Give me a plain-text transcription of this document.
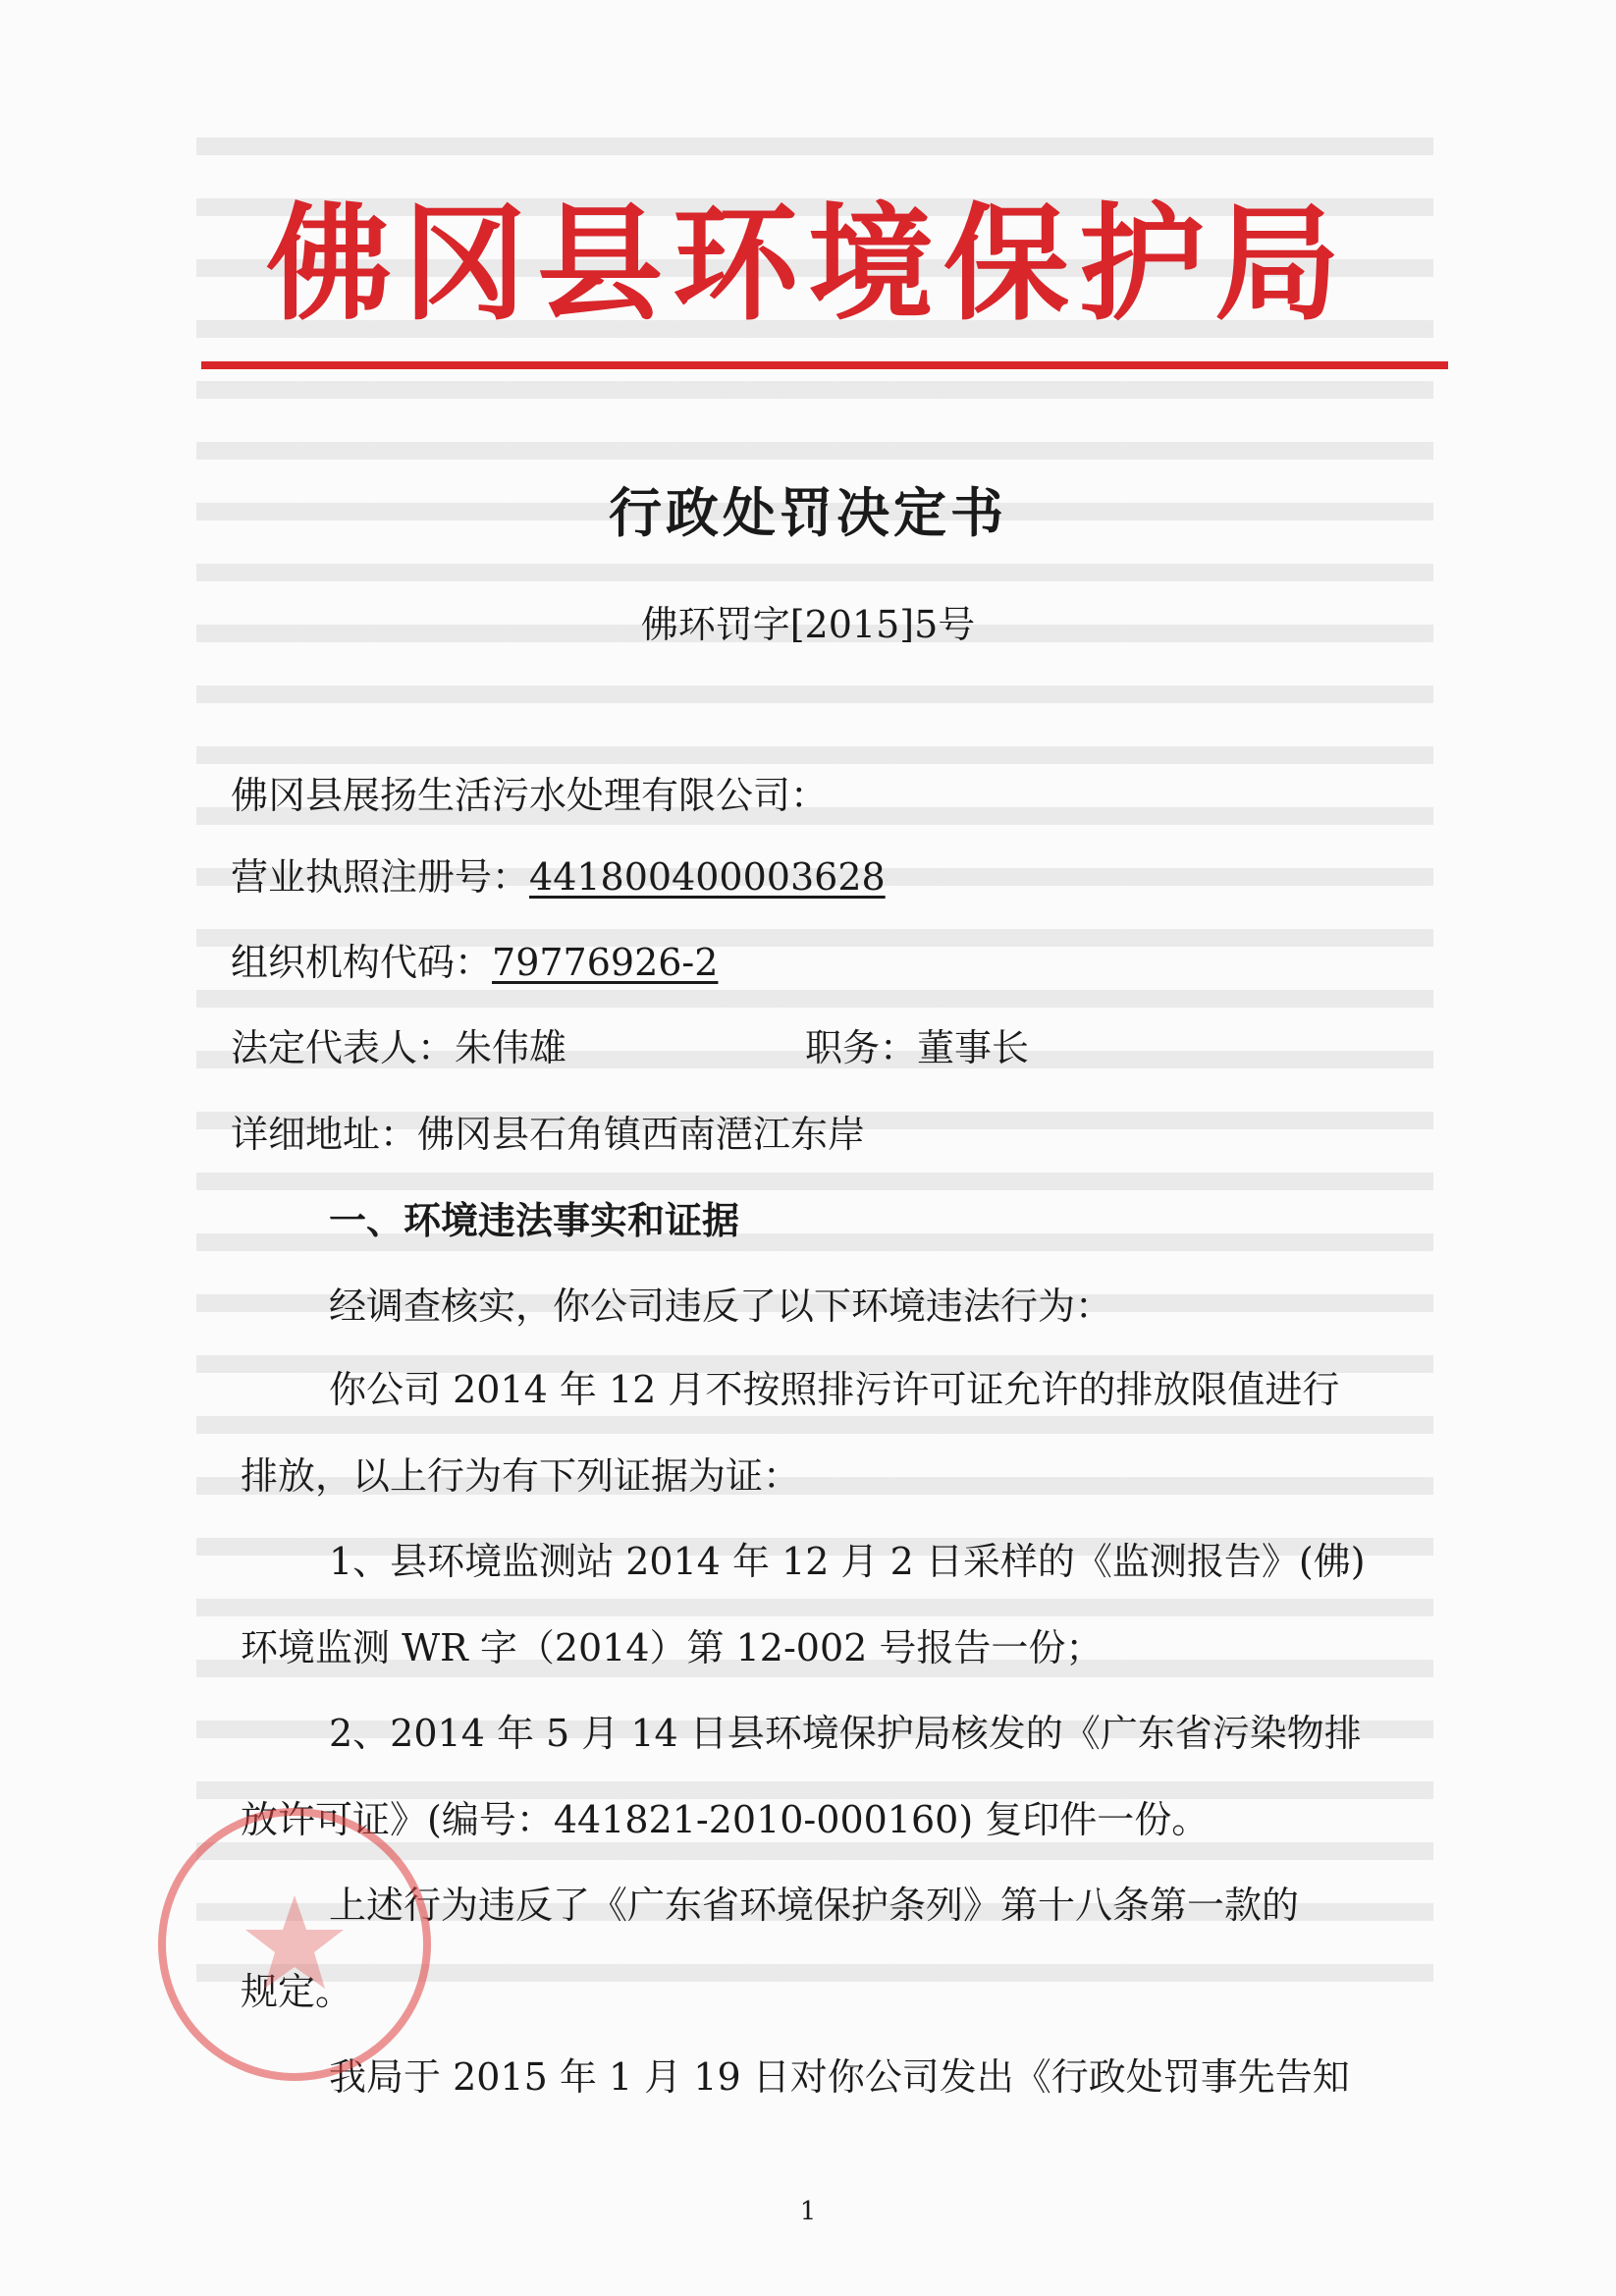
佛冈县环境保护局
行政处罚决定书
佛环罚字[2015]5号
佛冈县展扬生活污水处理有限公司：
营业执照注册号：441800400003628
组织机构代码：79776926-2
法定代表人：朱伟雄	职务：董事长
详细地址：佛冈县石角镇西南潖江东岸
一、环境违法事实和证据
经调查核实，你公司违反了以下环境违法行为：
你公司 2014 年 12 月不按照排污许可证允许的排放限值进行
排放，以上行为有下列证据为证：
1、县环境监测站 2014 年 12 月 2 日采样的《监测报告》(佛)
环境监测 WR 字（2014）第 12-002 号报告一份；
2、2014 年 5 月 14 日县环境保护局核发的《广东省污染物排
放许可证》(编号：441821-2010-000160) 复印件一份。
上述行为违反了《广东省环境保护条列》第十八条第一款的
规定。
我局于 2015 年 1 月 19 日对你公司发出《行政处罚事先告知
1
